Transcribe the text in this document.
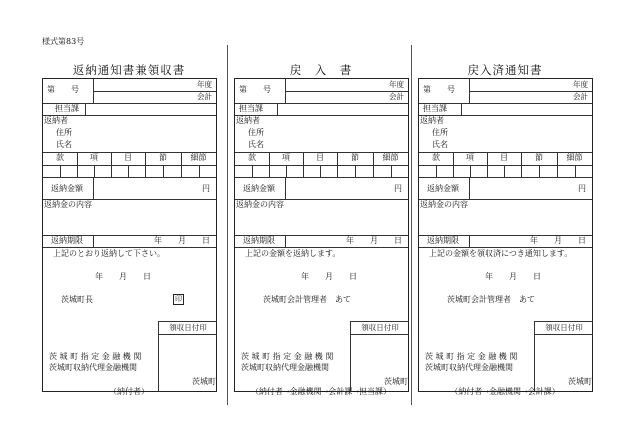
様式第83号
返納通知書兼領収書
第　　号
年度
会計
担当課
返納者
住所
氏名
款	項	目	節	細節
返納金額	円
返納金の内容
返納期限	年　　月　　日
上記のとおり返納して下さい。
年　　月　　日
茨城町長	印
領収日付印
茨 城 町 指 定 金 融 機 関
茨城町収納代理金融機関
茨城町
（納付者）
戻　入　書
第　　号
年度
会計
担当課
返納者
住所
氏名
款	項	目	節	細節
返納金額	円
返納金の内容
返納期限	年　　月　　日
上記の金額を返納します。
年　　月　　日
茨城町会計管理者　あて
領収日付印
茨 城 町 指 定 金 融 機 関
茨城町収納代理金融機関
茨城町
（納付者→金融機関→会計課→担当課）
戻入済通知書
第　　号
年度
会計
担当課
返納者
住所
氏名
款	項	目	節	細節
返納金額	円
返納金の内容
返納期限	年　　月　　日
上記の金額を領収済につき通知します。
年　　月　　日
茨城町会計管理者　あて
領収日付印
茨 城 町 指 定 金 融 機 関
茨城町収納代理金融機関
茨城町
（納付者→金融機関→会計課）
